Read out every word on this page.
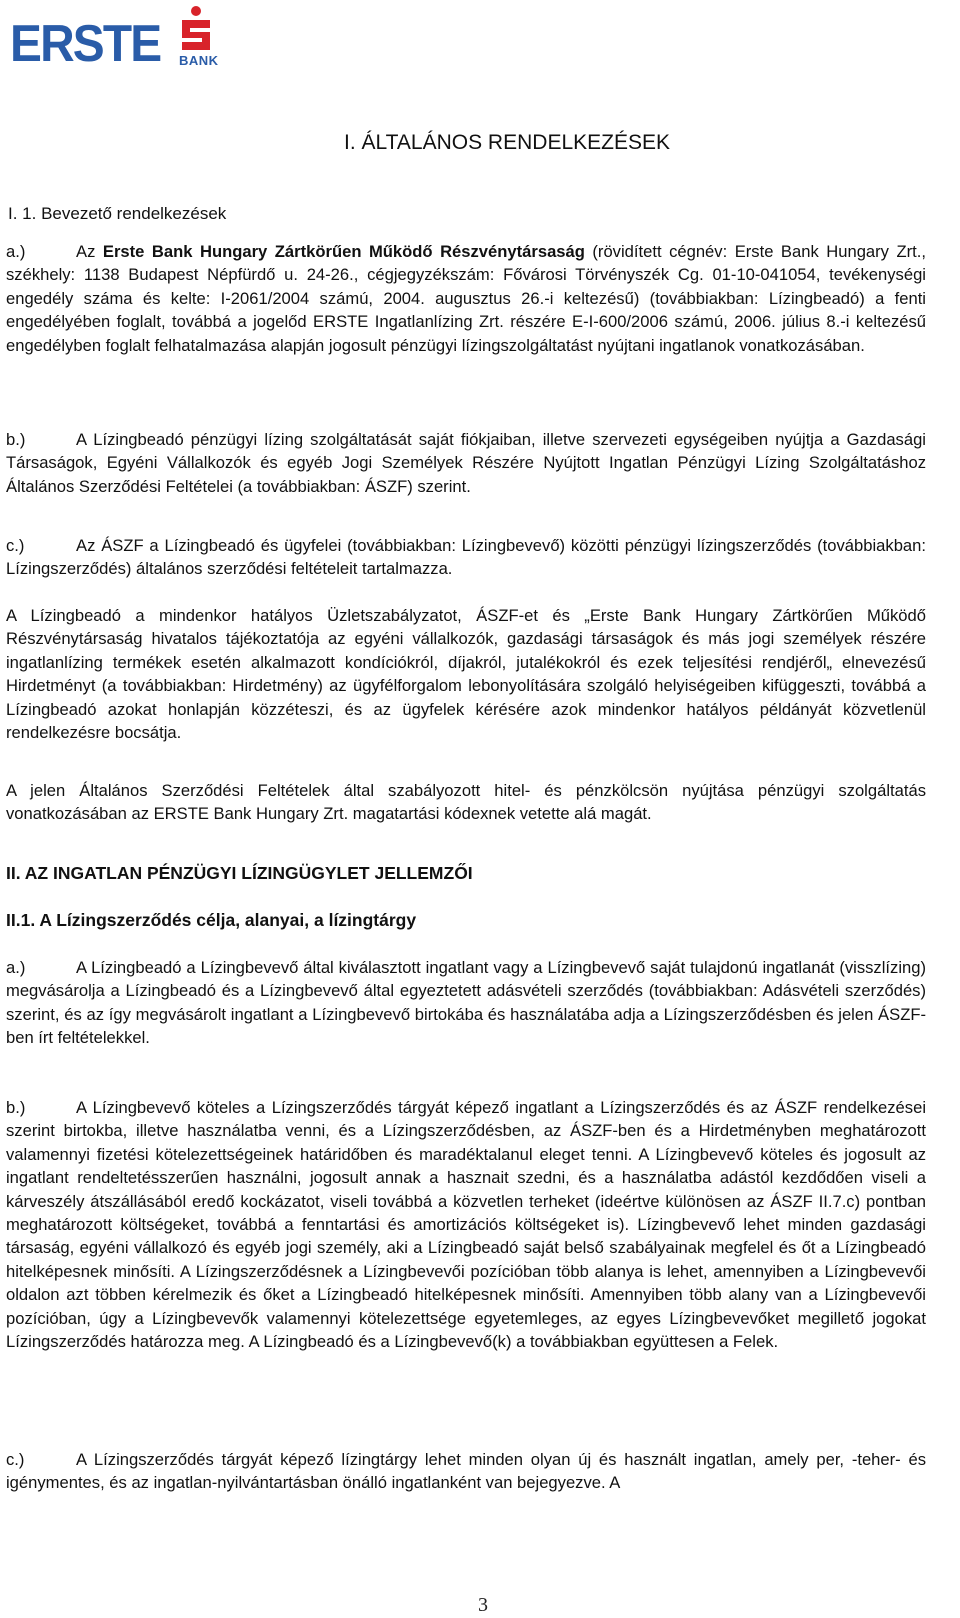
ERSTE BANK
I. ÁLTALÁNOS RENDELKEZÉSEK
I. 1. Bevezető rendelkezések

a.)	Az Erste Bank Hungary Zártkörűen Működő Részvénytársaság (rövidített cégnév: Erste Bank Hungary Zrt., székhely: 1138 Budapest Népfürdő u. 24-26., cégjegyzékszám: Fővárosi Törvényszék Cg. 01-10-041054, tevékenységi engedély száma és kelte: I-2061/2004 számú, 2004. augusztus 26.-i keltezésű) (továbbiakban: Lízingbeadó) a fenti engedélyében foglalt, továbbá a jogelőd ERSTE Ingatlanlízing Zrt. részére E-I-600/2006 számú, 2006. július 8.-i keltezésű engedélyben foglalt felhatalmazása alapján jogosult pénzügyi lízingszolgáltatást nyújtani ingatlanok vonatkozásában.

b.)	A Lízingbeadó pénzügyi lízing szolgáltatását saját fiókjaiban, illetve szervezeti egységeiben nyújtja a Gazdasági Társaságok, Egyéni Vállalkozók és egyéb Jogi Személyek Részére Nyújtott Ingatlan Pénzügyi Lízing Szolgáltatáshoz Általános Szerződési Feltételei (a továbbiakban: ÁSZF) szerint.

c.)	Az ÁSZF a Lízingbeadó és ügyfelei (továbbiakban: Lízingbevevő) közötti pénzügyi lízingszerződés (továbbiakban: Lízingszerződés) általános szerződési feltételeit tartalmazza.

A Lízingbeadó a mindenkor hatályos Üzletszabályzatot, ÁSZF-et és „Erste Bank Hungary Zártkörűen Működő Részvénytársaság hivatalos tájékoztatója az egyéni vállalkozók, gazdasági társaságok és más jogi személyek részére ingatlanlízing termékek esetén alkalmazott kondíciókról, díjakról, jutalékokról és ezek teljesítési rendjéről„ elnevezésű Hirdetményt (a továbbiakban: Hirdetmény) az ügyfélforgalom lebonyolítására szolgáló helyiségeiben kifüggeszti, továbbá a Lízingbeadó azokat honlapján közzéteszi, és az ügyfelek kérésére azok mindenkor hatályos példányát közvetlenül rendelkezésre bocsátja.

A jelen Általános Szerződési Feltételek által szabályozott hitel- és pénzkölcsön nyújtása pénzügyi szolgáltatás vonatkozásában az ERSTE Bank Hungary Zrt. magatartási kódexnek vetette alá magát.

II. AZ INGATLAN PÉNZÜGYI LÍZINGÜGYLET JELLEMZŐI
II.1. A Lízingszerződés célja, alanyai, a lízingtárgy

a.)	A Lízingbeadó a Lízingbevevő által kiválasztott ingatlant vagy a Lízingbevevő saját tulajdonú ingatlanát (visszlízing) megvásárolja a Lízingbeadó és a Lízingbevevő által egyeztetett adásvételi szerződés (továbbiakban: Adásvételi szerződés) szerint, és az így megvásárolt ingatlant a Lízingbevevő birtokába és használatába adja a Lízingszerződésben és jelen ÁSZF-ben írt feltételekkel.

b.)	A Lízingbevevő köteles a Lízingszerződés tárgyát képező ingatlant a Lízingszerződés és az ÁSZF rendelkezései szerint birtokba, illetve használatba venni, és a Lízingszerződésben, az ÁSZF-ben és a Hirdetményben meghatározott valamennyi fizetési kötelezettségeinek határidőben és maradéktalanul eleget tenni. A Lízingbevevő köteles és jogosult az ingatlant rendeltetésszerűen használni, jogosult annak a hasznait szedni, és a használatba adástól kezdődően viseli a kárveszély átszállásából eredő kockázatot, viseli továbbá a közvetlen terheket (ideértve különösen az ÁSZF II.7.c) pontban meghatározott költségeket, továbbá a fenntartási és amortizációs költségeket is). Lízingbevevő lehet minden gazdasági társaság, egyéni vállalkozó és egyéb jogi személy, aki a Lízingbeadó saját belső szabályainak megfelel és őt a Lízingbeadó hitelképesnek minősíti. A Lízingszerződésnek a Lízingbevevői pozícióban több alanya is lehet, amennyiben a Lízingbevevői oldalon azt többen kérelmezik és őket a Lízingbeadó hitelképesnek minősíti. Amennyiben több alany van a Lízingbevevői pozícióban, úgy a Lízingbevevők valamennyi kötelezettsége egyetemleges, az egyes Lízingbevevőket megillető jogokat Lízingszerződés határozza meg. A Lízingbeadó és a Lízingbevevő(k) a továbbiakban együttesen a Felek.

c.)	A Lízingszerződés tárgyát képező lízingtárgy lehet minden olyan új és használt ingatlan, amely per, -teher- és igénymentes, és az ingatlan-nyilvántartásban önálló ingatlanként van bejegyezve. A

3
